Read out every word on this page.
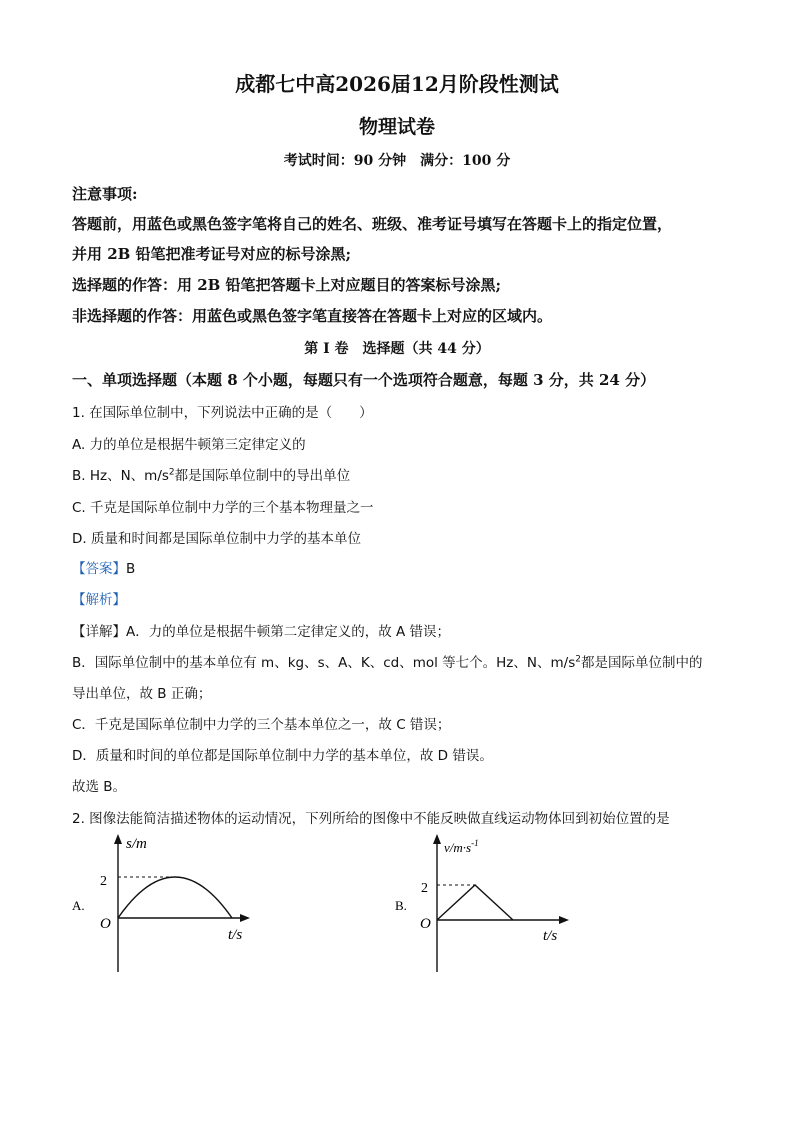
成都七中高2026届12月阶段性测试
物理试卷
考试时间：90 分钟　满分：100 分
注意事项:
答题前，用蓝色或黑色签字笔将自己的姓名、班级、准考证号填写在答题卡上的指定位置，
并用 2B 铅笔把准考证号对应的标号涂黑;
选择题的作答：用 2B 铅笔把答题卡上对应题目的答案标号涂黑;
非选择题的作答：用蓝色或黑色签字笔直接答在答题卡上对应的区域内。
第 I 卷　选择题（共 44 分）
一、单项选择题（本题 8 个小题，每题只有一个选项符合题意，每题 3 分，共 24 分）
1. 在国际单位制中，下列说法中正确的是（　　）
A. 力的单位是根据牛顿第三定律定义的
B. Hz、N、$m/s^2$都是国际单位制中的导出单位
C. 千克是国际单位制中力学的三个基本物理量之一
D. 质量和时间都是国际单位制中力学的基本单位
【答案】B
【解析】
【详解】A．力的单位是根据牛顿第二定律定义的，故 A 错误；
B．国际单位制中的基本单位有 m、kg、s、A、K、cd、mol 等七个。Hz、N、$m/s^2$都是国际单位制中的
导出单位，故 B 正确；
C．千克是国际单位制中力学的三个基本单位之一，故 C 错误；
D．质量和时间的单位都是国际单位制中力学的基本单位，故 D 错误。
故选 B。
2. 图像法能简洁描述物体的运动情况，下列所给的图像中不能反映做直线运动物体回到初始位置的是
A.
s/m
t/s
O
2
B.
$v/m\cdot s^{-1}$
t/s
O
2
